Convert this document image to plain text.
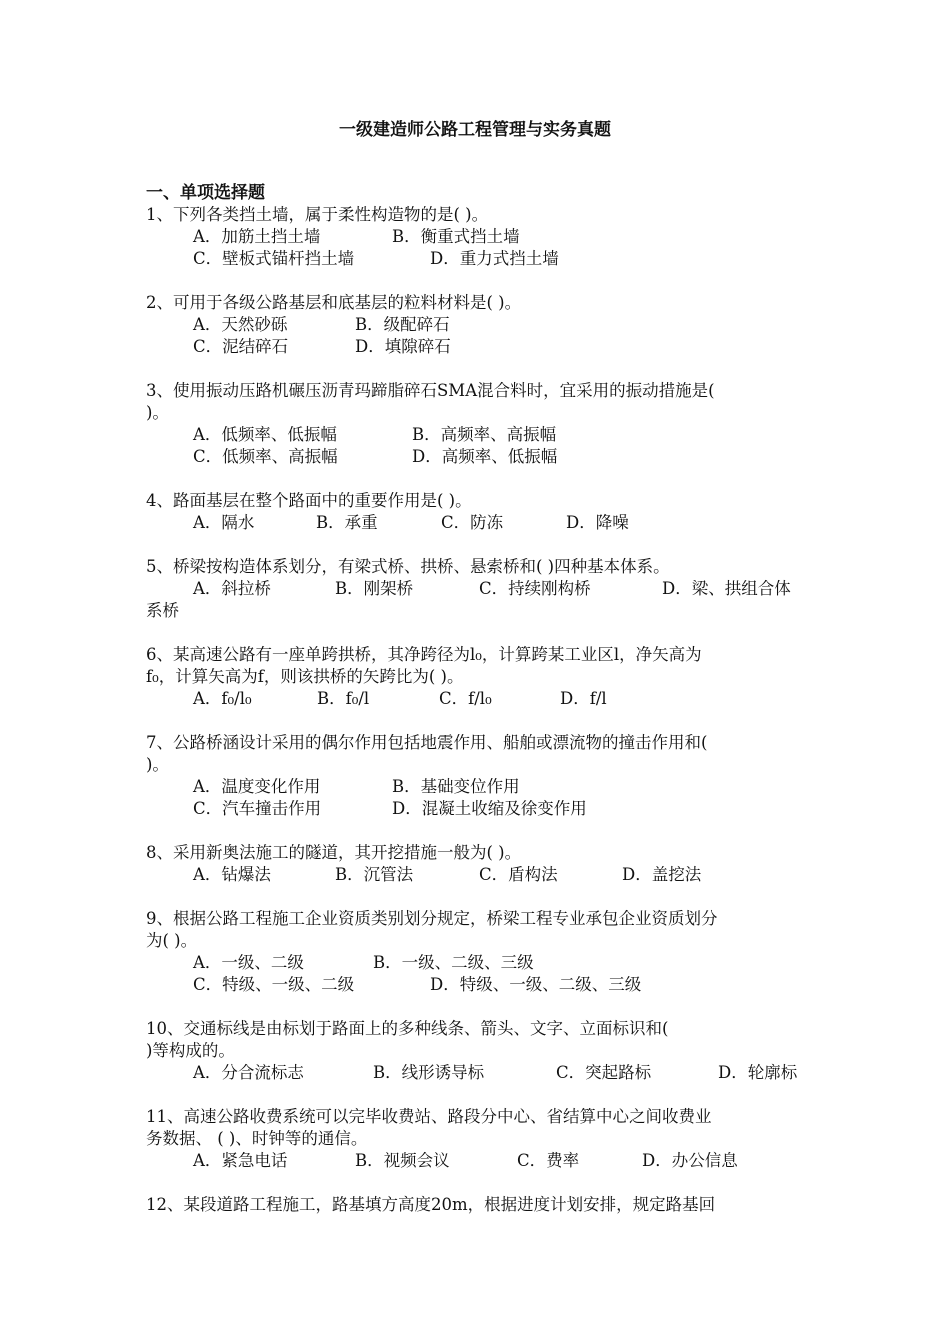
一级建造师公路工程管理与实务真题
一、单项选择题
1、下列各类挡土墙，属于柔性构造物的是( )。
A．加筋土挡土墙	B．衡重式挡土墙
C．壁板式锚杆挡土墙	D．重力式挡土墙
2、可用于各级公路基层和底基层的粒料材料是( )。
A．天然砂砾	B．级配碎石
C．泥结碎石	D．填隙碎石
3、使用振动压路机碾压沥青玛蹄脂碎石SMA混合料时，宜采用的振动措施是(
)。
A．低频率、低振幅	B．高频率、高振幅
C．低频率、高振幅	D．高频率、低振幅
4、路面基层在整个路面中的重要作用是( )。
A．隔水	B．承重	C．防冻	D．降噪
5、桥梁按构造体系划分，有梁式桥、拱桥、悬索桥和( )四种基本体系。
A．斜拉桥	B．刚架桥	C．持续刚构桥	D．梁、拱组合体
系桥
6、某高速公路有一座单跨拱桥，其净跨径为l₀，计算跨某工业区l，净矢高为
f₀，计算矢高为f，则该拱桥的矢跨比为( )。
A．f₀/l₀	B．f₀/l	C．f/l₀	D．f/l
7、公路桥涵设计采用的偶尔作用包括地震作用、船舶或漂流物的撞击作用和(
)。
A．温度变化作用	B．基础变位作用
C．汽车撞击作用	D．混凝土收缩及徐变作用
8、采用新奥法施工的隧道，其开挖措施一般为( )。
A．钻爆法	B．沉管法	C．盾构法	D．盖挖法
9、根据公路工程施工企业资质类别划分规定，桥梁工程专业承包企业资质划分
为( )。
A．一级、二级	B．一级、二级、三级
C．特级、一级、二级	D．特级、一级、二级、三级
10、交通标线是由标划于路面上的多种线条、箭头、文字、立面标识和(
)等构成的。
A．分合流标志	B．线形诱导标	C．突起路标	D．轮廓标
11、高速公路收费系统可以完毕收费站、路段分中心、省结算中心之间收费业
务数据、 ( )、时钟等的通信。
A．紧急电话	B．视频会议	C．费率	D．办公信息
12、某段道路工程施工，路基填方高度20m，根据进度计划安排，规定路基回
